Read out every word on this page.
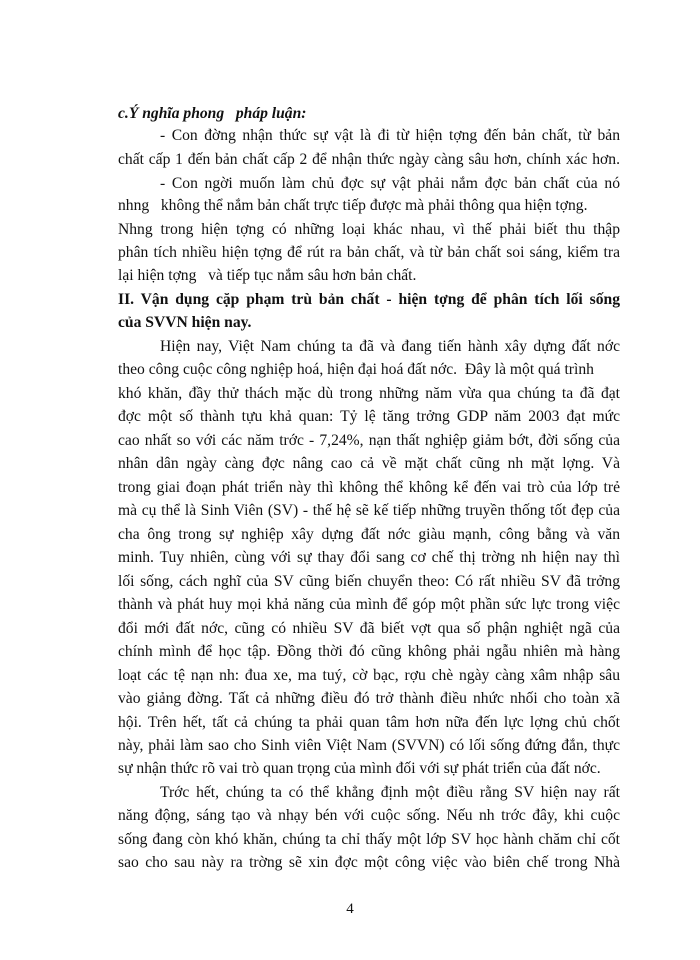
c.Ý nghĩa phong   pháp luận:
- Con đờng nhận thức sự vật là đi từ hiện tợng đến bản chất, từ bản
chất cấp 1 đến bản chất cấp 2 để nhận thức ngày càng sâu hơn, chính xác hơn.
- Con ngời muốn làm chủ đợc sự vật phải nắm đợc bản chất của nó
nhng   không thể nắm bản chất trực tiếp được mà phải thông qua hiện tợng.
Nhng trong hiện tợng có những loại khác nhau, vì thế phải biết thu thập
phân tích nhiều hiện tợng để rút ra bản chất, và từ bản chất soi sáng, kiểm tra
lại hiện tợng   và tiếp tục nắm sâu hơn bản chất.
II. Vận dụng cặp phạm trù bản chất - hiện tợng để phân tích lối sống
của SVVN hiện nay.
Hiện nay, Việt Nam chúng ta đã và đang tiến hành xây dựng đất nớc
theo công cuộc công nghiệp hoá, hiện đại hoá đất nớc.  Đây là một quá trình
khó khăn, đầy thử thách mặc dù trong những năm vừa qua chúng ta đã đạt
đợc một số thành tựu khả quan: Tỷ lệ tăng trởng GDP năm 2003 đạt mức
cao nhất so với các năm trớc - 7,24%, nạn thất nghiệp giảm bớt, đời sống của
nhân dân ngày càng đợc nâng cao cả về mặt chất cũng nh mặt lợng. Và
trong giai đoạn phát triển này thì không thể không kể đến vai trò của lớp trẻ
mà cụ thể là Sinh Viên (SV) - thế hệ sẽ kế tiếp những truyền thống tốt đẹp của
cha ông trong sự nghiệp xây dựng đất nớc giàu mạnh, công bằng và văn
minh. Tuy nhiên, cùng với sự thay đổi sang cơ chế thị trờng nh hiện nay thì
lối sống, cách nghĩ của SV cũng biến chuyển theo: Có rất nhiều SV đã trởng
thành và phát huy mọi khả năng của mình để góp một phần sức lực trong việc
đổi mới đất nớc, cũng có nhiều SV đã biết vợt qua số phận nghiệt ngã của
chính mình để học tập. Đồng thời đó cũng không phải ngẫu nhiên mà hàng
loạt các tệ nạn nh: đua xe, ma tuý, cờ bạc, rợu chè ngày càng xâm nhập sâu
vào giảng đờng. Tất cả những điều đó trở thành điều nhức nhối cho toàn xã
hội. Trên hết, tất cả chúng ta phải quan tâm hơn nữa đến lực lợng chủ chốt
này, phải làm sao cho Sinh viên Việt Nam (SVVN) có lối sống đứng đắn, thực
sự nhận thức rõ vai trò quan trọng của mình đối với sự phát triển của đất nớc.
Trớc hết, chúng ta có thể khẳng định một điều rằng SV hiện nay rất
năng động, sáng tạo và nhạy bén với cuộc sống. Nếu nh trớc đây, khi cuộc
sống đang còn khó khăn, chúng ta chỉ thấy một lớp SV học hành chăm chỉ cốt
sao cho sau này ra trờng sẽ xin đợc một công việc vào biên chế trong Nhà
4
